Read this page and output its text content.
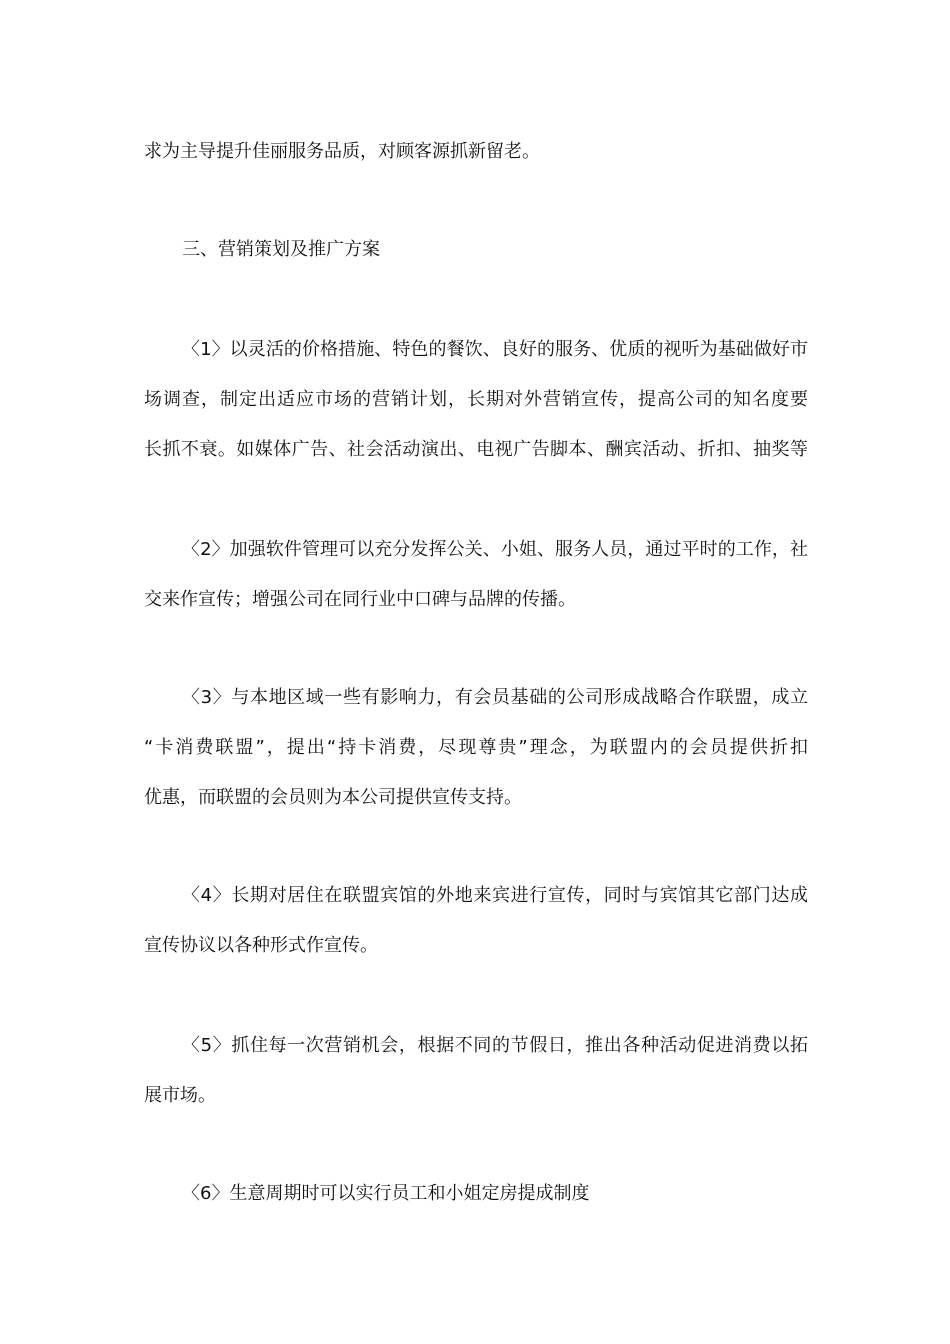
求为主导提升佳丽服务品质，对顾客源抓新留老。
三、营销策划及推广方案
〈1〉以灵活的价格措施、特色的餐饮、良好的服务、优质的视听为基础做好市
场调查，制定出适应市场的营销计划，长期对外营销宣传，提高公司的知名度要
长抓不衰。如媒体广告、社会活动演出、电视广告脚本、酬宾活动、折扣、抽奖等
〈2〉加强软件管理可以充分发挥公关、小姐、服务人员，通过平时的工作，社
交来作宣传；增强公司在同行业中口碑与品牌的传播。
〈3〉与本地区域一些有影响力，有会员基础的公司形成战略合作联盟，成立
“卡消费联盟”，提出“持卡消费，尽现尊贵”理念，为联盟内的会员提供折扣
优惠，而联盟的会员则为本公司提供宣传支持。
〈4〉长期对居住在联盟宾馆的外地来宾进行宣传，同时与宾馆其它部门达成
宣传协议以各种形式作宣传。
〈5〉抓住每一次营销机会，根据不同的节假日，推出各种活动促进消费以拓
展市场。
〈6〉生意周期时可以实行员工和小姐定房提成制度
